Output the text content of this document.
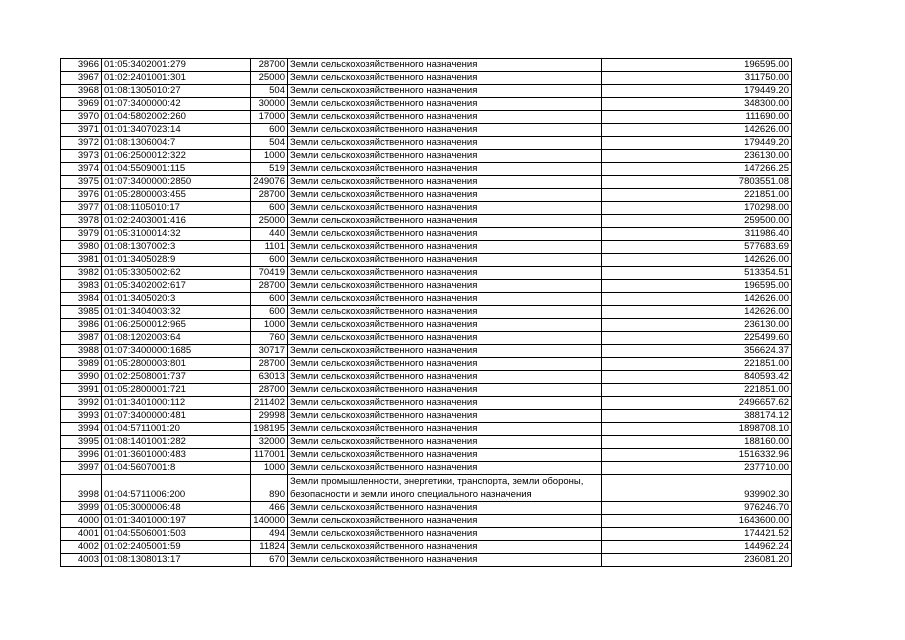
3966	01:05:3402001:279	28700	Земли сельскохозяйственного назначения	196595.00
3967	01:02:2401001:301	25000	Земли сельскохозяйственного назначения	311750.00
3968	01:08:1305010:27	504	Земли сельскохозяйственного назначения	179449.20
3969	01:07:3400000:42	30000	Земли сельскохозяйственного назначения	348300.00
3970	01:04:5802002:260	17000	Земли сельскохозяйственного назначения	111690.00
3971	01:01:3407023:14	600	Земли сельскохозяйственного назначения	142626.00
3972	01:08:1306004:7	504	Земли сельскохозяйственного назначения	179449.20
3973	01:06:2500012:322	1000	Земли сельскохозяйственного назначения	236130.00
3974	01:04:5509001:115	519	Земли сельскохозяйственного назначения	147266.25
3975	01:07:3400000:2850	249076	Земли сельскохозяйственного назначения	7803551.08
3976	01:05:2800003:455	28700	Земли сельскохозяйственного назначения	221851.00
3977	01:08:1105010:17	600	Земли сельскохозяйственного назначения	170298.00
3978	01:02:2403001:416	25000	Земли сельскохозяйственного назначения	259500.00
3979	01:05:3100014:32	440	Земли сельскохозяйственного назначения	311986.40
3980	01:08:1307002:3	1101	Земли сельскохозяйственного назначения	577683.69
3981	01:01:3405028:9	600	Земли сельскохозяйственного назначения	142626.00
3982	01:05:3305002:62	70419	Земли сельскохозяйственного назначения	513354.51
3983	01:05:3402002:617	28700	Земли сельскохозяйственного назначения	196595.00
3984	01:01:3405020:3	600	Земли сельскохозяйственного назначения	142626.00
3985	01:01:3404003:32	600	Земли сельскохозяйственного назначения	142626.00
3986	01:06:2500012:965	1000	Земли сельскохозяйственного назначения	236130.00
3987	01:08:1202003:64	760	Земли сельскохозяйственного назначения	225499.60
3988	01:07:3400000:1685	30717	Земли сельскохозяйственного назначения	356624.37
3989	01:05:2800003:801	28700	Земли сельскохозяйственного назначения	221851.00
3990	01:02:2508001:737	63013	Земли сельскохозяйственного назначения	840593.42
3991	01:05:2800001:721	28700	Земли сельскохозяйственного назначения	221851.00
3992	01:01:3401000:112	211402	Земли сельскохозяйственного назначения	2496657.62
3993	01:07:3400000:481	29998	Земли сельскохозяйственного назначения	388174.12
3994	01:04:5711001:20	198195	Земли сельскохозяйственного назначения	1898708.10
3995	01:08:1401001:282	32000	Земли сельскохозяйственного назначения	188160.00
3996	01:01:3601000:483	117001	Земли сельскохозяйственного назначения	1516332.96
3997	01:04:5607001:8	1000	Земли сельскохозяйственного назначения	237710.00
3998	01:04:5711006:200	890	Земли промышленности, энергетики, транспорта, земли обороны, безопасности и земли иного специального назначения	939902.30
3999	01:05:3000006:48	466	Земли сельскохозяйственного назначения	976246.70
4000	01:01:3401000:197	140000	Земли сельскохозяйственного назначения	1643600.00
4001	01:04:5506001:503	494	Земли сельскохозяйственного назначения	174421.52
4002	01:02:2405001:59	11824	Земли сельскохозяйственного назначения	144962.24
4003	01:08:1308013:17	670	Земли сельскохозяйственного назначения	236081.20
